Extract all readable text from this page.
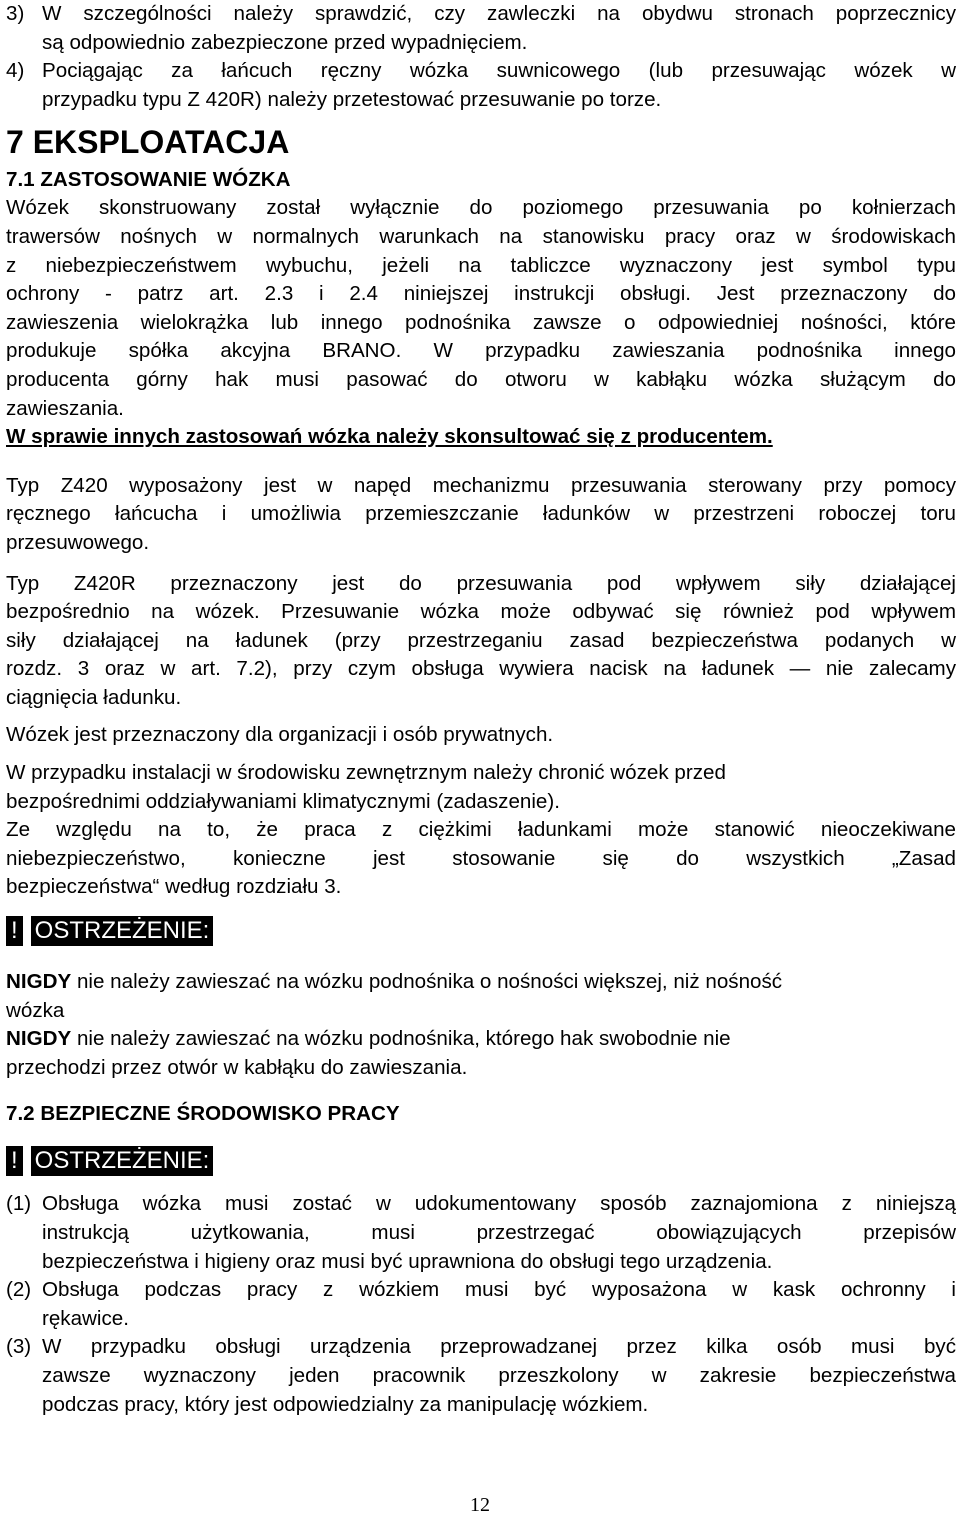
3) W szczególności należy sprawdzić, czy zawleczki na obydwu stronach poprzecznicy

są odpowiednio zabezpieczone przed wypadnięciem.

4) Pociągając za łańcuch ręczny wózka suwnicowego (lub przesuwając wózek w

przypadku typu Z 420R) należy przetestować przesuwanie po torze.

7 EKSPLOATACJA

7.1 ZASTOSOWANIE WÓZKA

Wózek skonstruowany został wyłącznie do poziomego przesuwania po kołnierzach

trawersów nośnych w normalnych warunkach na stanowisku pracy oraz w środowiskach

z niebezpieczeństwem wybuchu, jeżeli na tabliczce wyznaczony jest symbol typu

ochrony - patrz art. 2.3 i 2.4 niniejszej instrukcji obsługi. Jest przeznaczony do

zawieszenia wielokrążka lub innego podnośnika zawsze o odpowiedniej nośności, które

produkuje spółka akcyjna BRANO. W przypadku zawieszania podnośnika innego

producenta górny hak musi pasować do otworu w kabłąku wózka służącym do

zawieszania.

W sprawie innych zastosowań wózka należy skonsultować się z producentem.

Typ Z420 wyposażony jest w napęd mechanizmu przesuwania sterowany przy pomocy

ręcznego łańcucha i umożliwia przemieszczanie ładunków w przestrzeni roboczej toru

przesuwowego.

Typ Z420R przeznaczony jest do przesuwania pod wpływem siły działającej

bezpośrednio na wózek. Przesuwanie wózka może odbywać się również pod wpływem

siły działającej na ładunek (przy przestrzeganiu zasad bezpieczeństwa podanych w

rozdz. 3 oraz w art. 7.2), przy czym obsługa wywiera nacisk na ładunek — nie zalecamy

ciągnięcia ładunku.

Wózek jest przeznaczony dla organizacji i osób prywatnych.

W przypadku instalacji w środowisku zewnętrznym należy chronić wózek przed

bezpośrednimi oddziaływaniami klimatycznymi (zadaszenie).

Ze względu na to, że praca z ciężkimi ładunkami może stanowić nieoczekiwane

niebezpieczeństwo, konieczne jest stosowanie się do wszystkich „Zasad

bezpieczeństwa“ według rozdziału 3.

! OSTRZEŻENIE:

NIGDY nie należy zawieszać na wózku podnośnika o nośności większej, niż nośność

wózka

NIGDY nie należy zawieszać na wózku podnośnika, którego hak swobodnie nie

przechodzi przez otwór w kabłąku do zawieszania.

7.2 BEZPIECZNE ŚRODOWISKO PRACY

! OSTRZEŻENIE:
(1) Obsługa wózka musi zostać w udokumentowany sposób zaznajomiona z niniejszą

instrukcją użytkowania, musi przestrzegać obowiązujących przepisów

bezpieczeństwa i higieny oraz musi być uprawniona do obsługi tego urządzenia.

(2) Obsługa podczas pracy z wózkiem musi być wyposażona w kask ochronny i

rękawice.

(3) W przypadku obsługi urządzenia przeprowadzanej przez kilka osób musi być

zawsze wyznaczony jeden pracownik przeszkolony w zakresie bezpieczeństwa

podczas pracy, który jest odpowiedzialny za manipulację wózkiem.

12
